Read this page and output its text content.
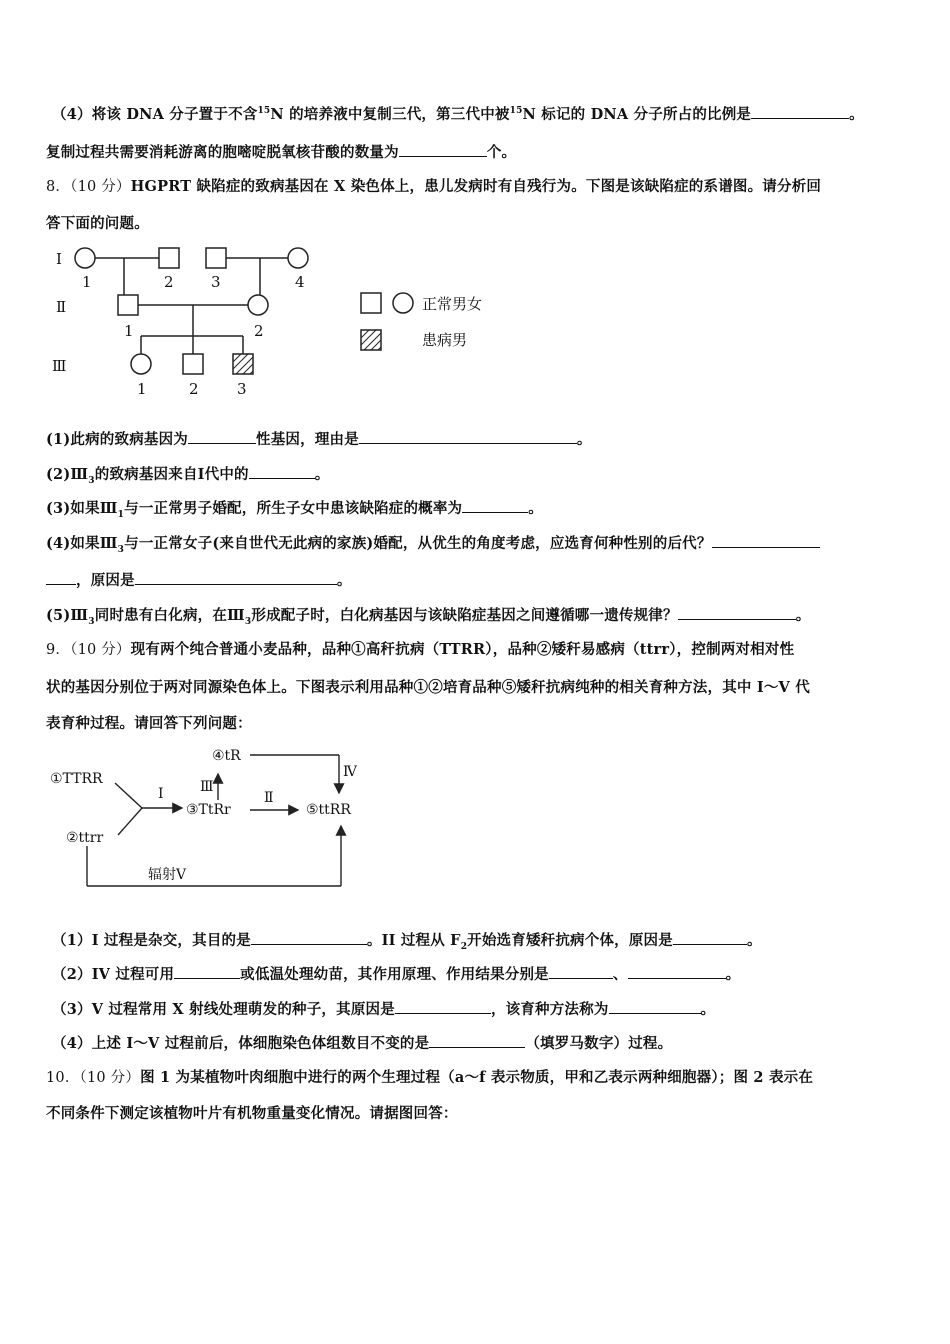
（4）将该 DNA 分子置于不含$^{15}$N 的培养液中复制三代，第三代中被$^{15}$N 标记的 DNA 分子所占的比例是	。
复制过程共需要消耗游离的胞嘧啶脱氧核苷酸的数量为	个。
8．（10 分）HGPRT 缺陷症的致病基因在 X 染色体上，患儿发病时有自残行为。下图是该缺陷症的系谱图。请分析回
答下面的问题。
Ⅰ
Ⅱ
Ⅲ
1	2 3	4
1	2
1	2	3
正常男女
患病男
(1)此病的致病基因为	性基因，理由是	。
$(2)Ⅲ_3$的致病基因来自Ⅰ代中的	。
(3)如果$Ⅲ_1$与一正常男子婚配，所生子女中患该缺陷症的概率为	。
(4)如果$Ⅲ_3$与一正常女子(来自世代无此病的家族)婚配，从优生的角度考虑，应选育何种性别的后代？
，原因是	。
$(5)Ⅲ_3$同时患有白化病，在$Ⅲ_3$形成配子时，白化病基因与该缺陷症基因之间遵循哪一遗传规律？	。
9．（10 分）现有两个纯合普通小麦品种，品种①高秆抗病（TTRR），品种②矮秆易感病（ttrr），控制两对相对性
状的基因分别位于两对同源染色体上。下图表示利用品种①②培育品种⑤矮秆抗病纯种的相关育种方法，其中 I～V 代
表育种过程。请回答下列问题：
①TTRR
②ttrr
③TtRr
④tR
⑤ttRR
I	Ⅱ
Ⅲ
Ⅳ
辐射Ⅴ
（1）I 过程是杂交，其目的是	。II 过程从 $F_2$开始选育矮秆抗病个体，原因是	。
（2）IV 过程可用	或低温处理幼苗，其作用原理、作用结果分别是	、	。
（3）V 过程常用 X 射线处理萌发的种子，其原因是	，该育种方法称为	。
（4）上述 I～V 过程前后，体细胞染色体组数目不变的是	（填罗马数字）过程。
10．（10 分）图 1 为某植物叶肉细胞中进行的两个生理过程（a～f 表示物质，甲和乙表示两种细胞器）；图 2 表示在
不同条件下测定该植物叶片有机物重量变化情况。请据图回答：
